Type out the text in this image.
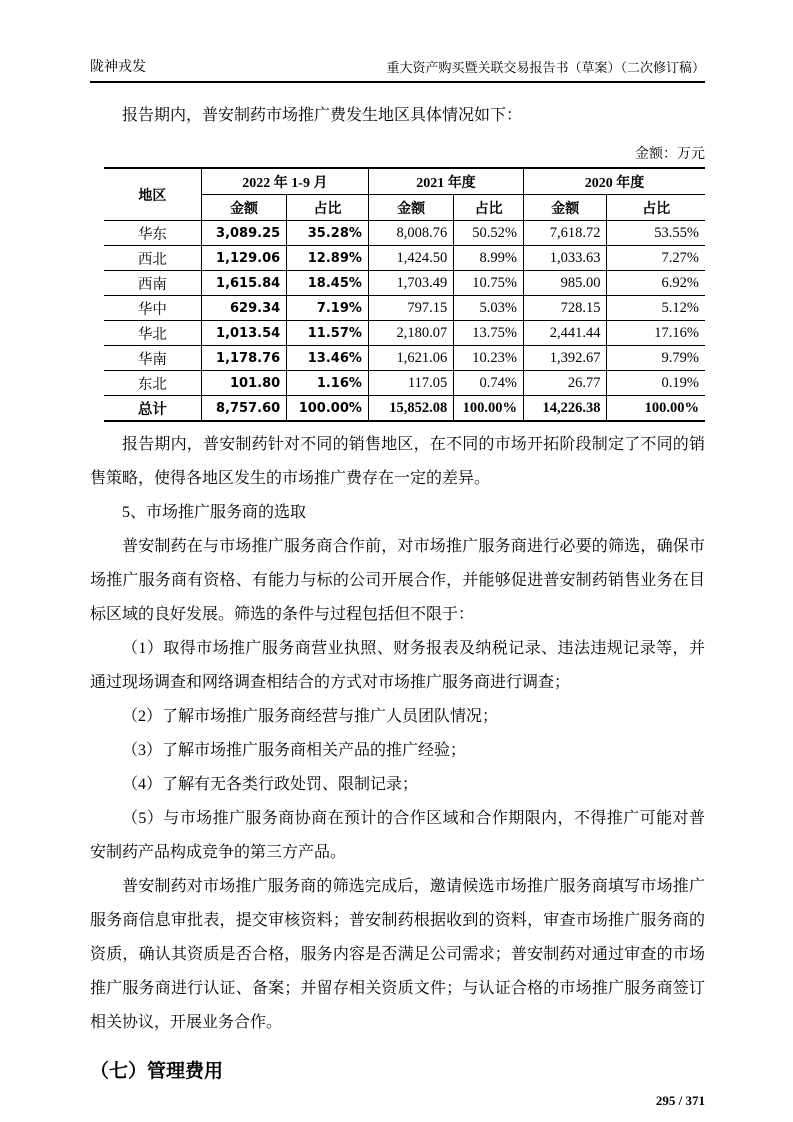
陇神戎发	重大资产购买暨关联交易报告书（草案）（二次修订稿）

报告期内，普安制药市场推广费发生地区具体情况如下：

金额：万元
地区	2022 年 1-9 月		2021 年度		2020 年度	
	金额	占比	金额	占比	金额	占比
华东	3,089.25	35.28%	8,008.76	50.52%	7,618.72	53.55%
西北	1,129.06	12.89%	1,424.50	8.99%	1,033.63	7.27%
西南	1,615.84	18.45%	1,703.49	10.75%	985.00	6.92%
华中	629.34	7.19%	797.15	5.03%	728.15	5.12%
华北	1,013.54	11.57%	2,180.07	13.75%	2,441.44	17.16%
华南	1,178.76	13.46%	1,621.06	10.23%	1,392.67	9.79%
东北	101.80	1.16%	117.05	0.74%	26.77	0.19%
总计	8,757.60	100.00%	15,852.08	100.00%	14,226.38	100.00%

报告期内，普安制药针对不同的销售地区，在不同的市场开拓阶段制定了不同的销售策略，使得各地区发生的市场推广费存在一定的差异。

5、市场推广服务商的选取

普安制药在与市场推广服务商合作前，对市场推广服务商进行必要的筛选，确保市场推广服务商有资格、有能力与标的公司开展合作，并能够促进普安制药销售业务在目标区域的良好发展。筛选的条件与过程包括但不限于：

（1）取得市场推广服务商营业执照、财务报表及纳税记录、违法违规记录等，并通过现场调查和网络调查相结合的方式对市场推广服务商进行调查；

（2）了解市场推广服务商经营与推广人员团队情况；

（3）了解市场推广服务商相关产品的推广经验；

（4）了解有无各类行政处罚、限制记录；

（5）与市场推广服务商协商在预计的合作区域和合作期限内，不得推广可能对普安制药产品构成竞争的第三方产品。

普安制药对市场推广服务商的筛选完成后，邀请候选市场推广服务商填写市场推广服务商信息审批表，提交审核资料；普安制药根据收到的资料，审查市场推广服务商的资质，确认其资质是否合格，服务内容是否满足公司需求；普安制药对通过审查的市场推广服务商进行认证、备案；并留存相关资质文件；与认证合格的市场推广服务商签订相关协议，开展业务合作。

（七）管理费用
295 / 371
